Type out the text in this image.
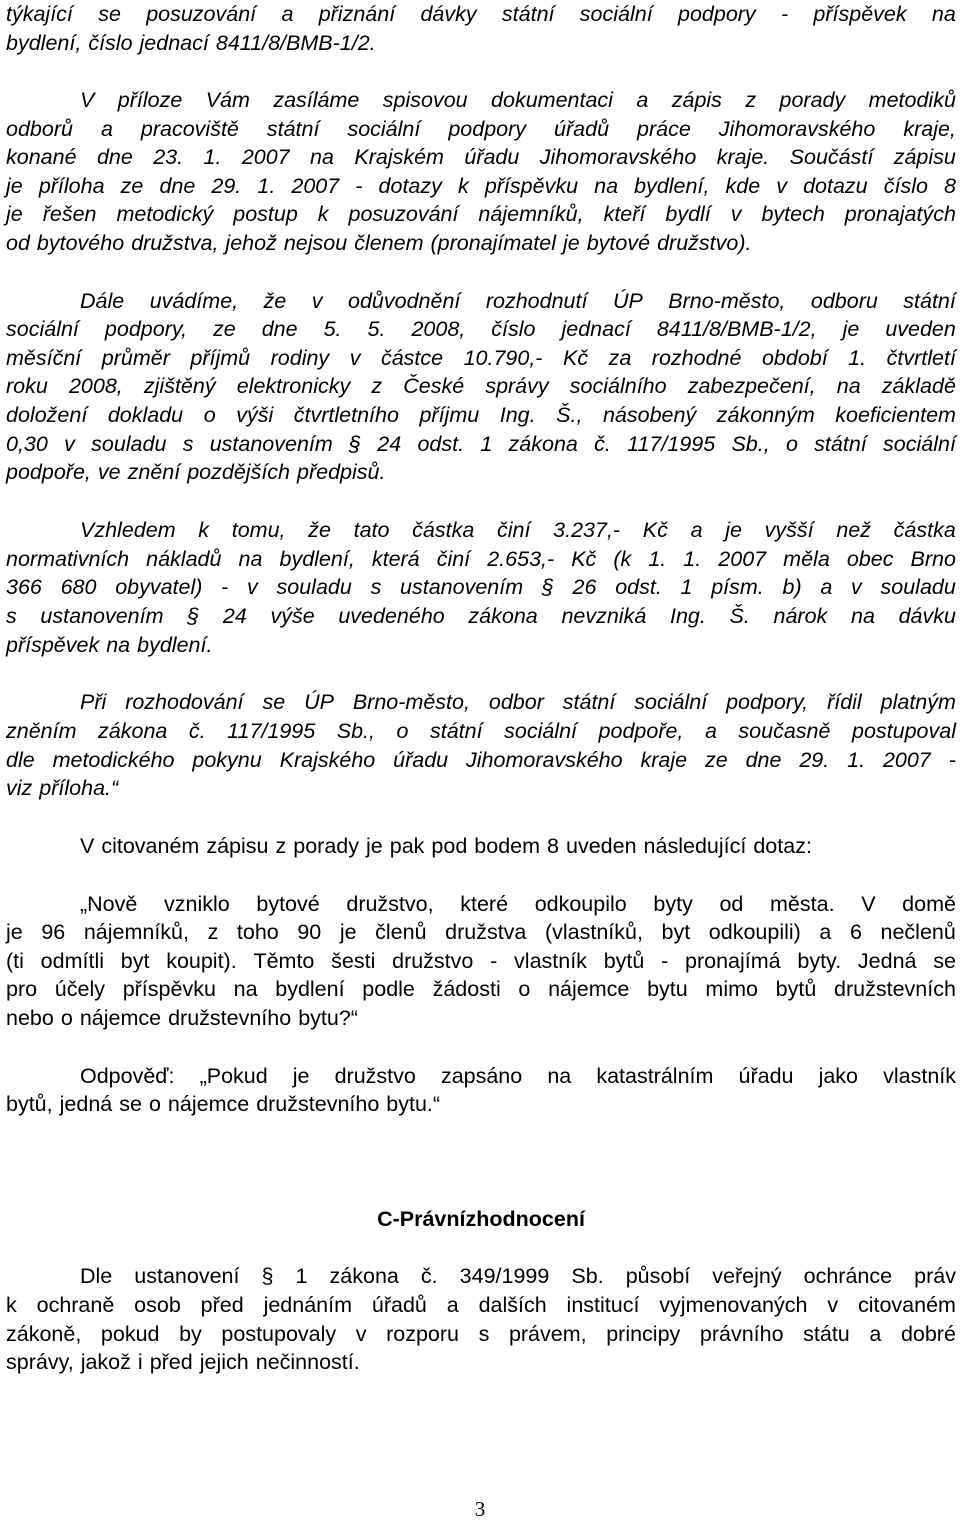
týkající se posuzování a přiznání dávky státní sociální podpory - příspěvek na
bydlení, číslo jednací 8411/8/BMB-1/2.
V příloze Vám zasíláme spisovou dokumentaci a zápis z porady metodiků
odborů a pracoviště státní sociální podpory úřadů práce Jihomoravského kraje,
konané dne 23. 1. 2007 na Krajském úřadu Jihomoravského kraje. Součástí zápisu
je příloha ze dne 29. 1. 2007 - dotazy k příspěvku na bydlení, kde v dotazu číslo 8
je řešen metodický postup k posuzování nájemníků, kteří bydlí v bytech pronajatých
od bytového družstva, jehož nejsou členem (pronajímatel je bytové družstvo).
Dále uvádíme, že v odůvodnění rozhodnutí ÚP Brno-město, odboru státní
sociální podpory, ze dne 5. 5. 2008, číslo jednací 8411/8/BMB-1/2, je uveden
měsíční průměr příjmů rodiny v částce 10.790,- Kč za rozhodné období 1. čtvrtletí
roku 2008, zjištěný elektronicky z České správy sociálního zabezpečení, na základě
doložení dokladu o výši čtvrtletního příjmu Ing. Š., násobený zákonným koeficientem
0,30 v souladu s ustanovením § 24 odst. 1 zákona č. 117/1995 Sb., o státní sociální
podpoře, ve znění pozdějších předpisů.
Vzhledem k tomu, že tato částka činí 3.237,- Kč a je vyšší než částka
normativních nákladů na bydlení, která činí 2.653,- Kč (k 1. 1. 2007 měla obec Brno
366 680 obyvatel) - v souladu s ustanovením § 26 odst. 1 písm. b) a v souladu
s ustanovením § 24 výše uvedeného zákona nevzniká Ing. Š. nárok na dávku
příspěvek na bydlení.
Při rozhodování se ÚP Brno-město, odbor státní sociální podpory, řídil platným
zněním zákona č. 117/1995 Sb., o státní sociální podpoře, a současně postupoval
dle metodického pokynu Krajského úřadu Jihomoravského kraje ze dne 29. 1. 2007 -
viz příloha.“
V citovaném zápisu z porady je pak pod bodem 8 uveden následující dotaz:
„Nově vzniklo bytové družstvo, které odkoupilo byty od města. V domě
je 96 nájemníků, z toho 90 je členů družstva (vlastníků, byt odkoupili) a 6 nečlenů
(ti odmítli byt koupit). Těmto šesti družstvo - vlastník bytů - pronajímá byty. Jedná se
pro účely příspěvku na bydlení podle žádosti o nájemce bytu mimo bytů družstevních
nebo o nájemce družstevního bytu?“
Odpověď: „Pokud je družstvo zapsáno na katastrálním úřadu jako vlastník
bytů, jedná se o nájemce družstevního bytu.“
C - Právní zhodnocení
Dle ustanovení § 1 zákona č. 349/1999 Sb. působí veřejný ochránce práv
k ochraně osob před jednáním úřadů a dalších institucí vyjmenovaných v citovaném
zákoně, pokud by postupovaly v rozporu s právem, principy právního státu a dobré
správy, jakož i před jejich nečinností.
3
